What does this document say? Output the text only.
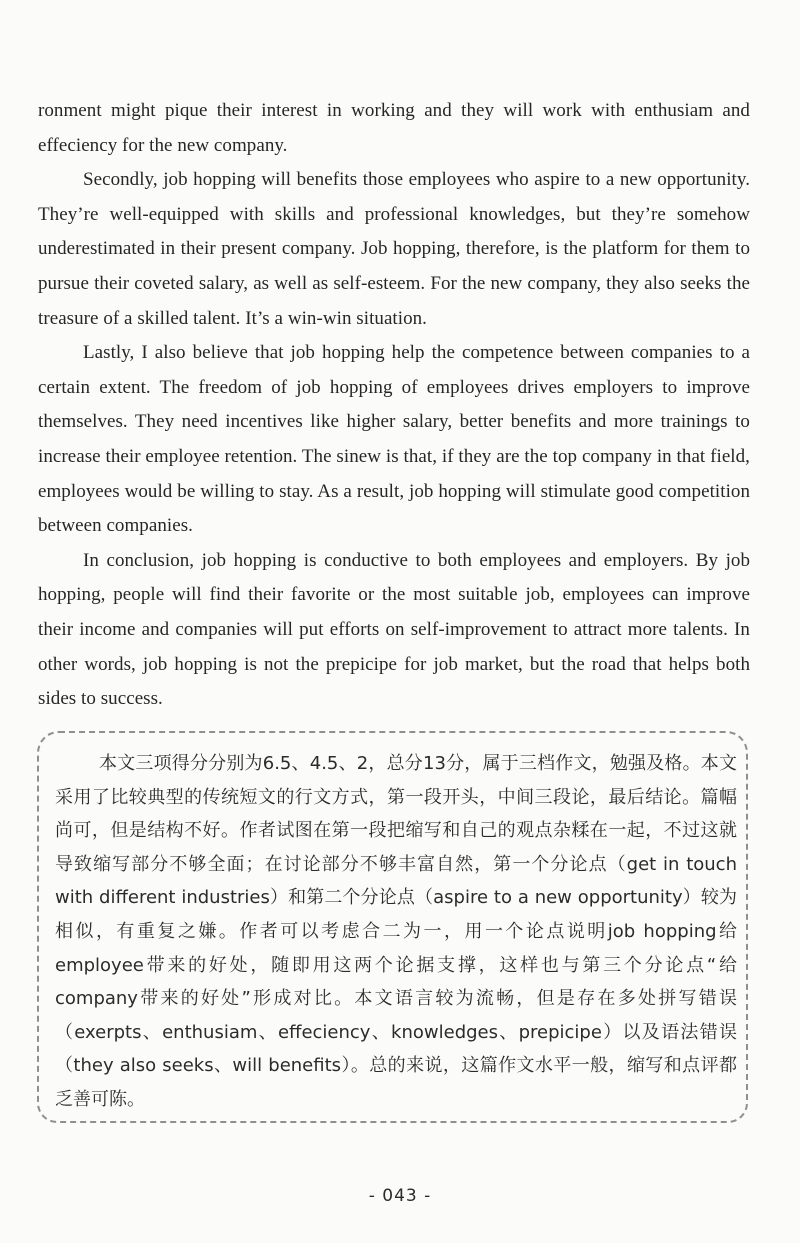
ronment might pique their interest in working and they will work with enthusiam and effeciency for the new company.

Secondly, job hopping will benefits those employees who aspire to a new opportunity. They’re well-equipped with skills and professional knowledges, but they’re somehow underestimated in their present company. Job hopping, therefore, is the platform for them to pursue their coveted salary, as well as self-esteem. For the new company, they also seeks the treasure of a skilled talent. It’s a win-win situation.

Lastly, I also believe that job hopping help the competence between companies to a certain extent. The freedom of job hopping of employees drives employers to improve themselves. They need incentives like higher salary, better benefits and more trainings to increase their employee retention. The sinew is that, if they are the top company in that field, employees would be willing to stay. As a result, job hopping will stimulate good competition between companies.

In conclusion, job hopping is conductive to both employees and employers. By job hopping, people will find their favorite or the most suitable job, employees can improve their income and companies will put efforts on self-improvement to attract more talents. In other words, job hopping is not the prepicipe for job market, but the road that helps both sides to success.

本文三项得分分别为6.5、4.5、2，总分13分，属于三档作文，勉强及格。本文采用了比较典型的传统短文的行文方式，第一段开头，中间三段论，最后结论。篇幅尚可，但是结构不好。作者试图在第一段把缩写和自己的观点杂糅在一起，不过这就导致缩写部分不够全面；在讨论部分不够丰富自然，第一个分论点（get in touch with different industries）和第二个分论点（aspire to a new opportunity）较为相似，有重复之嫌。作者可以考虑合二为一，用一个论点说明job hopping给employee带来的好处，随即用这两个论据支撑，这样也与第三个分论点“给company带来的好处”形成对比。本文语言较为流畅，但是存在多处拼写错误（exerpts、enthusiam、effeciency、knowledges、prepicipe）以及语法错误（they also seeks、will benefits）。总的来说，这篇作文水平一般，缩写和点评都乏善可陈。

- 043 -
